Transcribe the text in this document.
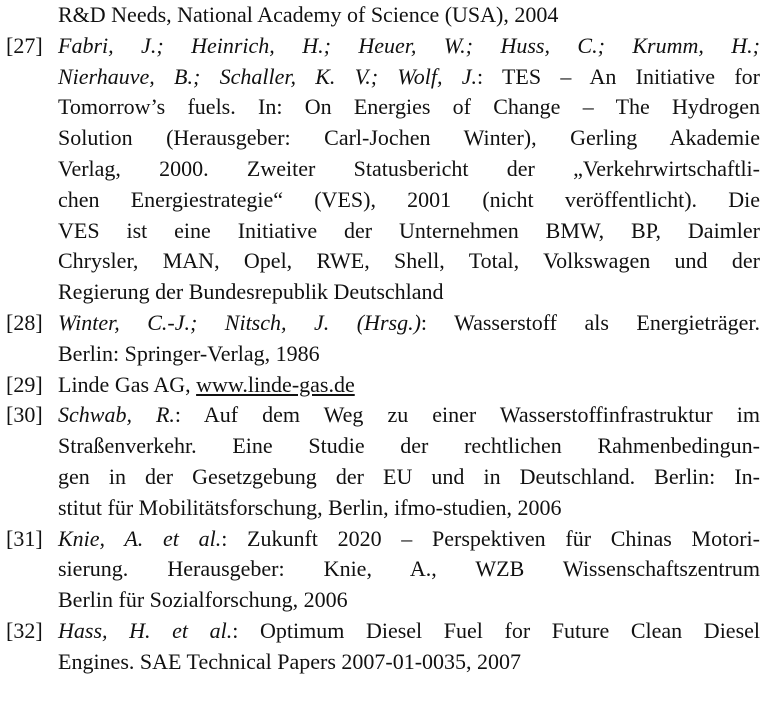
R&D Needs, National Academy of Science (USA), 2004
[27] Fabri, J.; Heinrich, H.; Heuer, W.; Huss, C.; Krumm, H.;
Nierhauve, B.; Schaller, K. V.; Wolf, J.: TES – An Initiative for
Tomorrow’s fuels. In: On Energies of Change – The Hydrogen
Solution (Herausgeber: Carl-Jochen Winter), Gerling Akademie
Verlag, 2000. Zweiter Statusbericht der „Verkehrwirtschaftli-
chen Energiestrategie“ (VES), 2001 (nicht veröffentlicht). Die
VES ist eine Initiative der Unternehmen BMW, BP, Daimler
Chrysler, MAN, Opel, RWE, Shell, Total, Volkswagen und der
Regierung der Bundesrepublik Deutschland
[28] Winter, C.-J.; Nitsch, J. (Hrsg.): Wasserstoff als Energieträger.
Berlin: Springer-Verlag, 1986
[29] Linde Gas AG, www.linde-gas.de
[30] Schwab, R.: Auf dem Weg zu einer Wasserstoffinfrastruktur im
Straßenverkehr. Eine Studie der rechtlichen Rahmenbedingun-
gen in der Gesetzgebung der EU und in Deutschland. Berlin: In-
stitut für Mobilitätsforschung, Berlin, ifmo-studien, 2006
[31] Knie, A. et al.: Zukunft 2020 – Perspektiven für Chinas Motori-
sierung. Herausgeber: Knie, A., WZB Wissenschaftszentrum
Berlin für Sozialforschung, 2006
[32] Hass, H. et al.: Optimum Diesel Fuel for Future Clean Diesel
Engines. SAE Technical Papers 2007-01-0035, 2007
